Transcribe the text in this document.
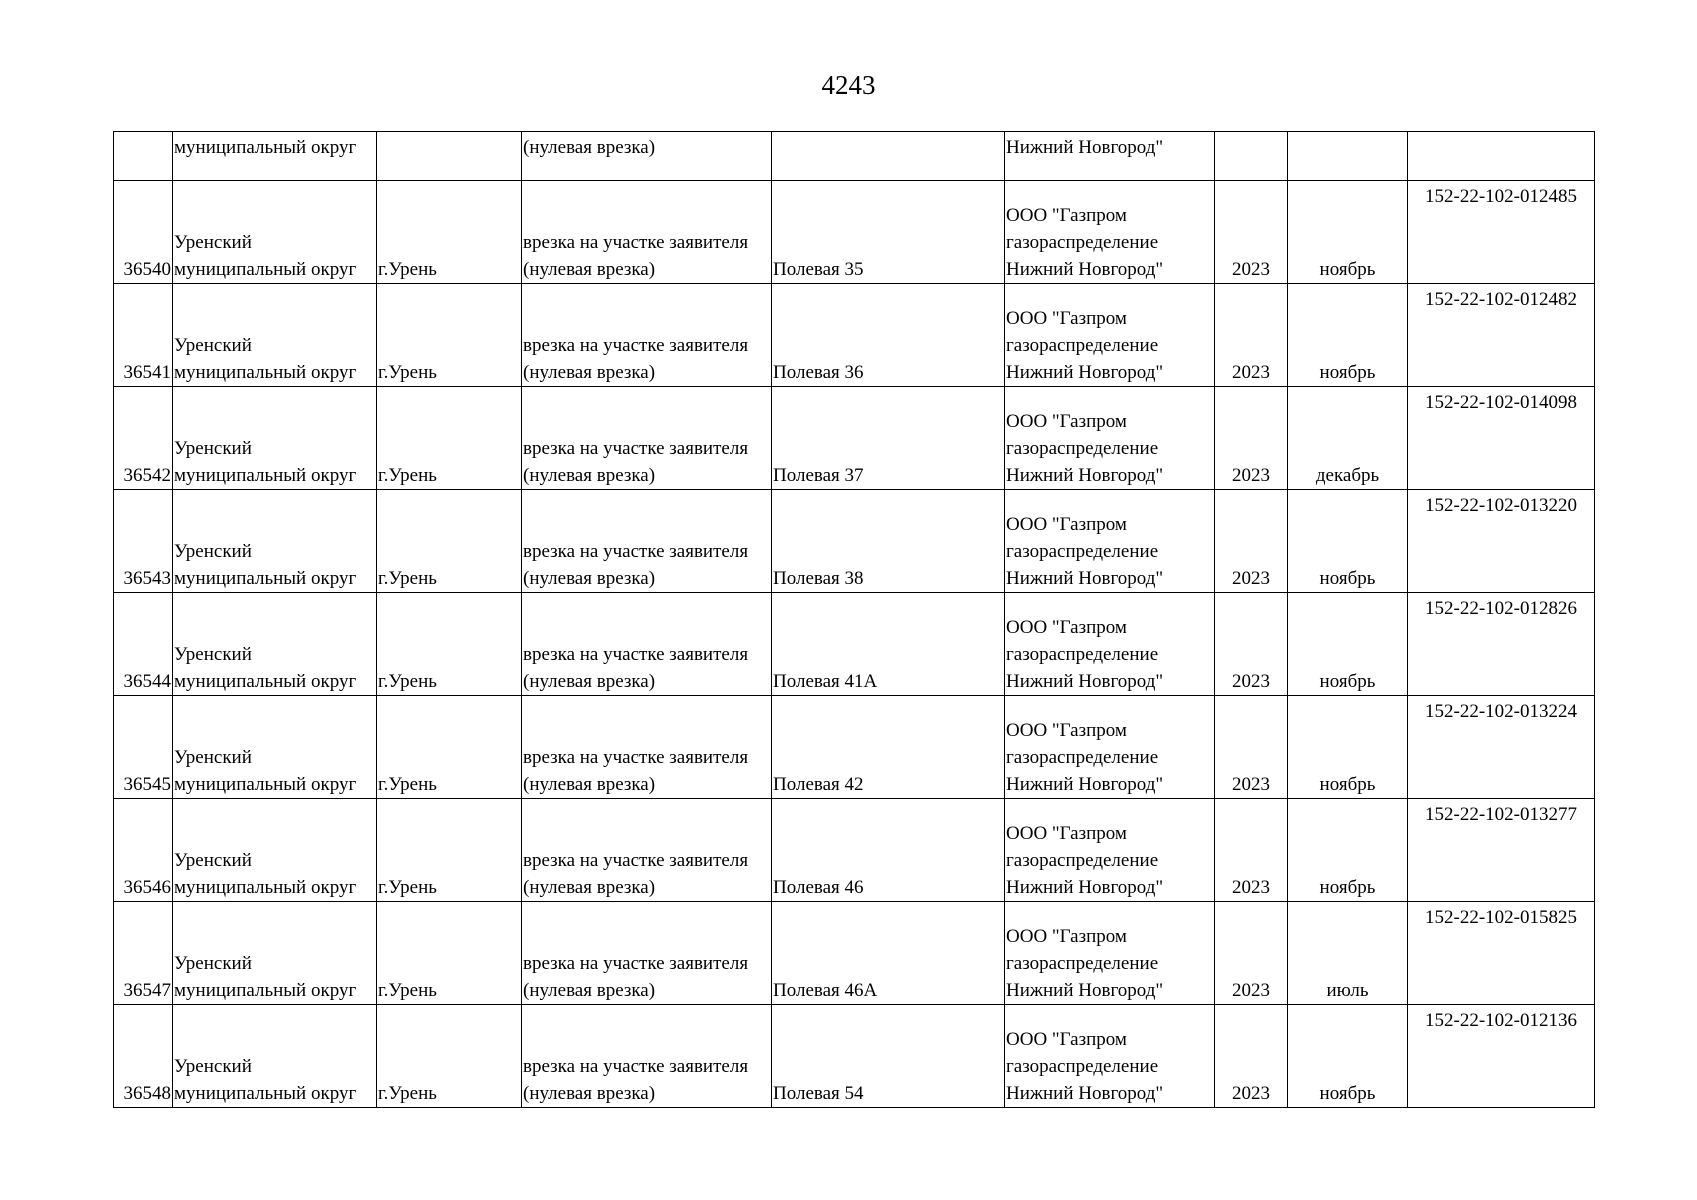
4243
	муниципальный округ		(нулевая врезка)		Нижний Новгород"			

36540	Уренский
муниципальный округ	г.Урень	врезка на участке заявителя
(нулевая врезка)	Полевая 35	ООО "Газпром
газораспределение
Нижний Новгород"	2023	ноябрь	152-22-102-012485

36541	Уренский
муниципальный округ	г.Урень	врезка на участке заявителя
(нулевая врезка)	Полевая 36	ООО "Газпром
газораспределение
Нижний Новгород"	2023	ноябрь	152-22-102-012482

36542	Уренский
муниципальный округ	г.Урень	врезка на участке заявителя
(нулевая врезка)	Полевая 37	ООО "Газпром
газораспределение
Нижний Новгород"	2023	декабрь	152-22-102-014098

36543	Уренский
муниципальный округ	г.Урень	врезка на участке заявителя
(нулевая врезка)	Полевая 38	ООО "Газпром
газораспределение
Нижний Новгород"	2023	ноябрь	152-22-102-013220

36544	Уренский
муниципальный округ	г.Урень	врезка на участке заявителя
(нулевая врезка)	Полевая 41А	ООО "Газпром
газораспределение
Нижний Новгород"	2023	ноябрь	152-22-102-012826

36545	Уренский
муниципальный округ	г.Урень	врезка на участке заявителя
(нулевая врезка)	Полевая 42	ООО "Газпром
газораспределение
Нижний Новгород"	2023	ноябрь	152-22-102-013224

36546	Уренский
муниципальный округ	г.Урень	врезка на участке заявителя
(нулевая врезка)	Полевая 46	ООО "Газпром
газораспределение
Нижний Новгород"	2023	ноябрь	152-22-102-013277

36547	Уренский
муниципальный округ	г.Урень	врезка на участке заявителя
(нулевая врезка)	Полевая 46А	ООО "Газпром
газораспределение
Нижний Новгород"	2023	июль	152-22-102-015825

36548	Уренский
муниципальный округ	г.Урень	врезка на участке заявителя
(нулевая врезка)	Полевая 54	ООО "Газпром
газораспределение
Нижний Новгород"	2023	ноябрь	152-22-102-012136
